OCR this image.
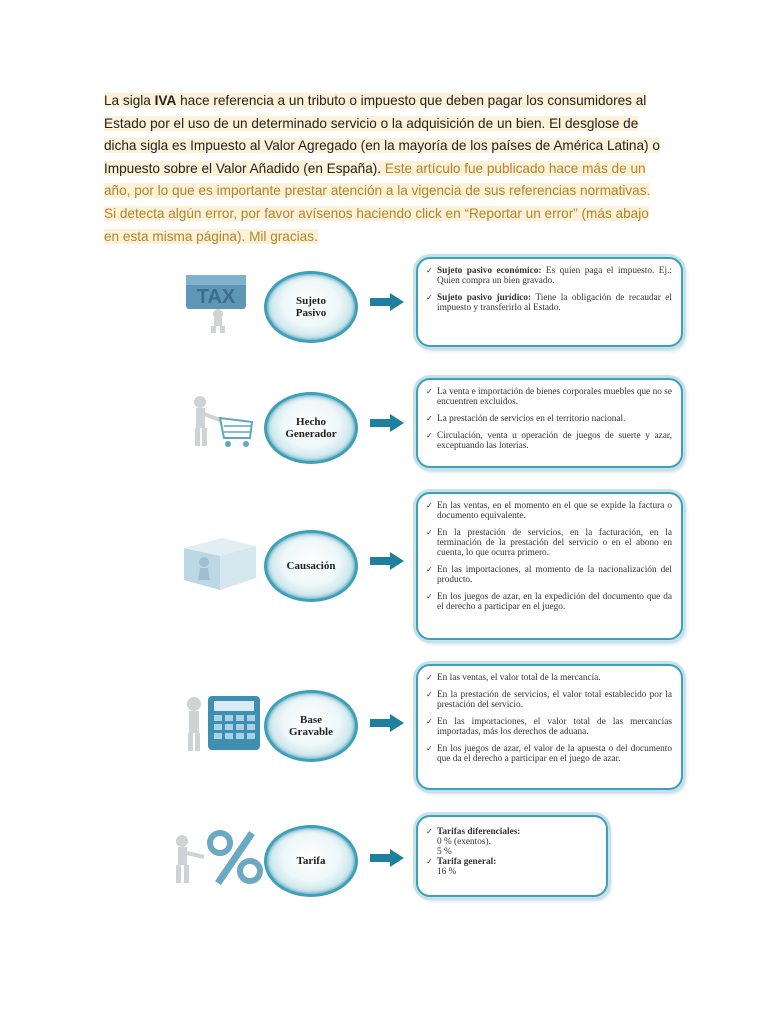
La sigla IVA hace referencia a un tributo o impuesto que deben pagar los consumidores al Estado por el uso de un determinado servicio o la adquisición de un bien. El desglose de dicha sigla es Impuesto al Valor Agregado (en la mayoría de los países de América Latina) o Impuesto sobre el Valor Añadido (en España). Este artículo fue publicado hace más de un año, por lo que es importante prestar atención a la vigencia de sus referencias normativas. Si detecta algún error, por favor avísenos haciendo click en “Reportar un error” (más abajo en esta misma página). Mil gracias.
TAX	Sujeto
Pasivo
✓ Sujeto pasivo económico: Es quien paga el impuesto. Ej.: Quien compra un bien gravado.
✓ Sujeto pasivo jurídico: Tiene la obligación de recaudar el impuesto y transferirlo al Estado.
Hecho
Generador
✓ La venta e importación de bienes corporales muebles que no se encuentren excluidos.
✓ La prestación de servicios en el territorio nacional.
✓ Circulación, venta u operación de juegos de suerte y azar, exceptuando las loterías.
Causación
✓ En las ventas, en el momento en el que se expide la factura o documento equivalente.
✓ En la prestación de servicios, en la facturación, en la terminación de la prestación del servicio o en el abono en cuenta, lo que ocurra primero.
✓ En las importaciones, al momento de la nacionalización del producto.
✓ En los juegos de azar, en la expedición del documento que da el derecho a participar en el juego.
Base
Gravable
✓ En las ventas, el valor total de la mercancía.
✓ En la prestación de servicios, el valor total establecido por la prestación del servicio.
✓ En las importaciones, el valor total de las mercancías importadas, más los derechos de aduana.
✓ En los juegos de azar, el valor de la apuesta o del documento que da el derecho a participar en el juego de azar.
Tarifa
✓ Tarifas diferenciales:
0 % (exentos).
5 %
✓ Tarifa general:
16 %
